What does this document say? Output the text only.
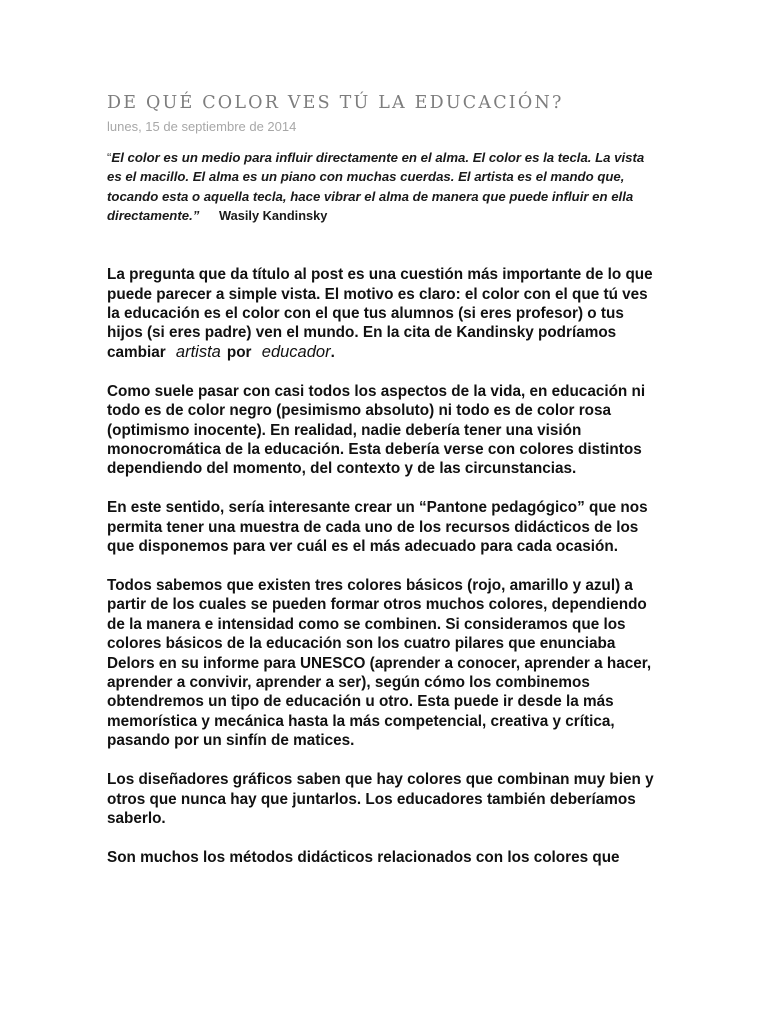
DE QUÉ COLOR VES TÚ LA EDUCACIÓN?
lunes, 15 de septiembre de 2014
“El color es un medio para influir directamente en el alma. El color es la tecla. La vista es el macillo. El alma es un piano con muchas cuerdas. El artista es el mando que, tocando esta o aquella tecla, hace vibrar el alma de manera que puede influir en ella directamente.” Wasily Kandinsky

La pregunta que da título al post es una cuestión más importante de lo que puede parecer a simple vista. El motivo es claro: el color con el que tú ves la educación es el color con el que tus alumnos (si eres profesor) o tus hijos (si eres padre) ven el mundo. En la cita de Kandinsky podríamos cambiar artista por educador.

Como suele pasar con casi todos los aspectos de la vida, en educación ni todo es de color negro (pesimismo absoluto) ni todo es de color rosa (optimismo inocente). En realidad, nadie debería tener una visión monocromática de la educación. Esta debería verse con colores distintos dependiendo del momento, del contexto y de las circunstancias.

En este sentido, sería interesante crear un “Pantone pedagógico” que nos permita tener una muestra de cada uno de los recursos didácticos de los que disponemos para ver cuál es el más adecuado para cada ocasión.

Todos sabemos que existen tres colores básicos (rojo, amarillo y azul) a partir de los cuales se pueden formar otros muchos colores, dependiendo de la manera e intensidad como se combinen. Si consideramos que los colores básicos de la educación son los cuatro pilares que enunciaba Delors en su informe para UNESCO (aprender a conocer, aprender a hacer, aprender a convivir, aprender a ser), según cómo los combinemos obtendremos un tipo de educación u otro. Esta puede ir desde la más memorística y mecánica hasta la más competencial, creativa y crítica, pasando por un sinfín de matices.

Los diseñadores gráficos saben que hay colores que combinan muy bien y otros que nunca hay que juntarlos. Los educadores también deberíamos saberlo.

Son muchos los métodos didácticos relacionados con los colores que
